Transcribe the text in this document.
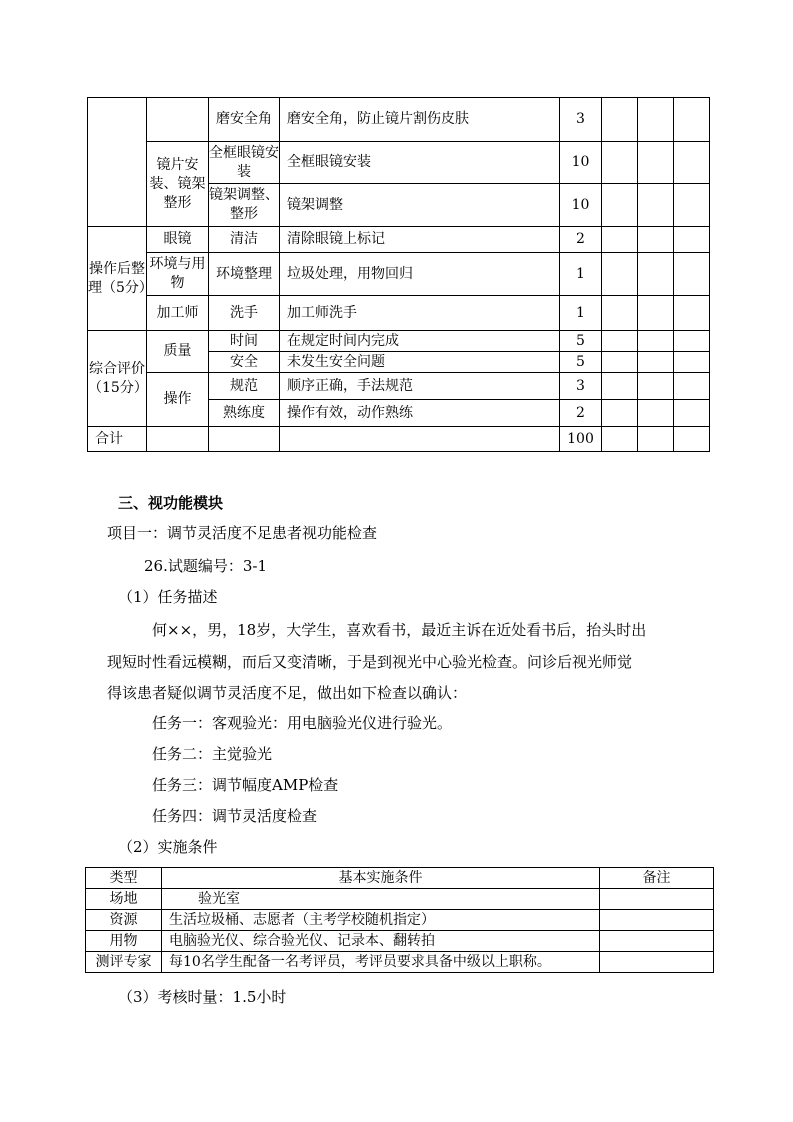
		磨安全角	磨安全角，防止镜片割伤皮肤	3			
	镜片安装、镜架整形	全框眼镜安装	全框眼镜安装	10			
		镜架调整、整形	镜架调整	10			
操作后整理（5分）	眼镜	清洁	清除眼镜上标记	2			
	环境与用物	环境整理	垃圾处理，用物回归	1			
	加工师	洗手	加工师洗手	1			
综合评价（15分）	质量	时间	在规定时间内完成	5			
		安全	未发生安全问题	5			
	操作	规范	顺序正确，手法规范	3			
		熟练度	操作有效，动作熟练	2			
合计				100			
三、视功能模块
项目一：调节灵活度不足患者视功能检查
26.试题编号：3-1
（1）任务描述
何××，男，18岁，大学生，喜欢看书，最近主诉在近处看书后，抬头时出
现短时性看远模糊，而后又变清晰，于是到视光中心验光检查。问诊后视光师觉
得该患者疑似调节灵活度不足，做出如下检查以确认：
任务一：客观验光：用电脑验光仪进行验光。
任务二：主觉验光
任务三：调节幅度AMP检查
任务四：调节灵活度检查
（2）实施条件
类型	基本实施条件	备注
场地	验光室	
资源	生活垃圾桶、志愿者（主考学校随机指定）	
用物	电脑验光仪、综合验光仪、记录本、翻转拍	
测评专家	每10名学生配备一名考评员，考评员要求具备中级以上职称。	
（3）考核时量：1.5小时
